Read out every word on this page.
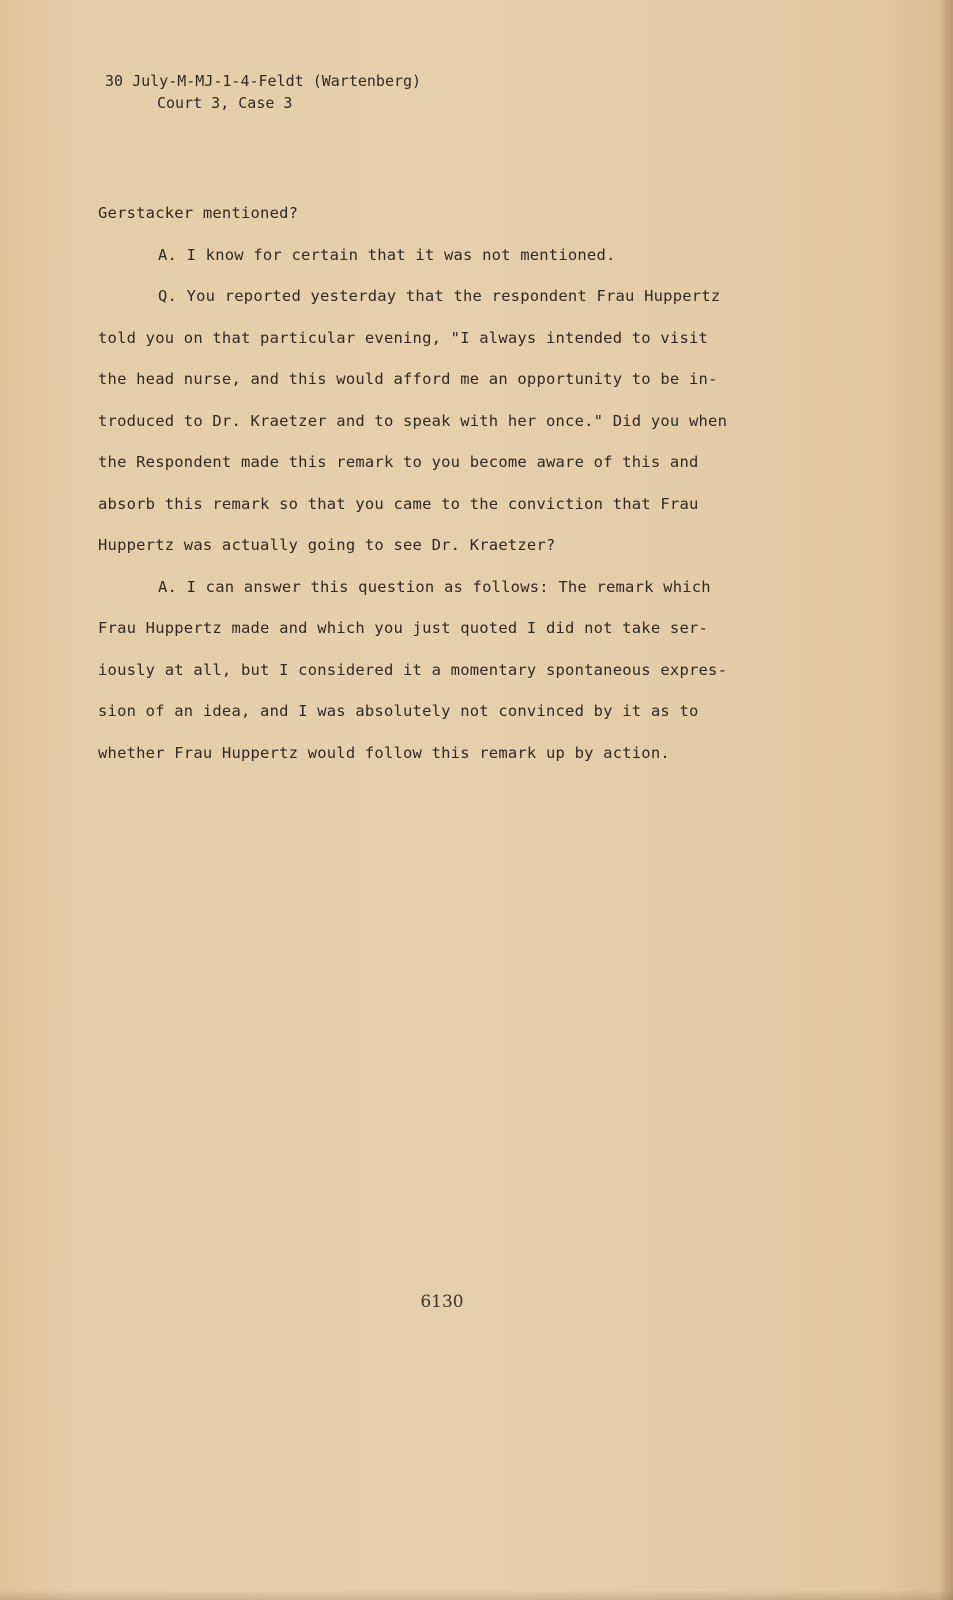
30 July-M-MJ-1-4-Feldt (Wartenberg)
Court 3, Case 3
Gerstacker mentioned?
A. I know for certain that it was not mentioned.
Q. You reported yesterday that the respondent Frau Huppertz
told you on that particular evening, "I always intended to visit
the head nurse, and this would afford me an opportunity to be in-
troduced to Dr. Kraetzer and to speak with her once." Did you when
the Respondent made this remark to you become aware of this and
absorb this remark so that you came to the conviction that Frau
Huppertz was actually going to see Dr. Kraetzer?
A. I can answer this question as follows: The remark which
Frau Huppertz made and which you just quoted I did not take ser-
iously at all, but I considered it a momentary spontaneous expres-
sion of an idea, and I was absolutely not convinced by it as to
whether Frau Huppertz would follow this remark up by action.
6130
